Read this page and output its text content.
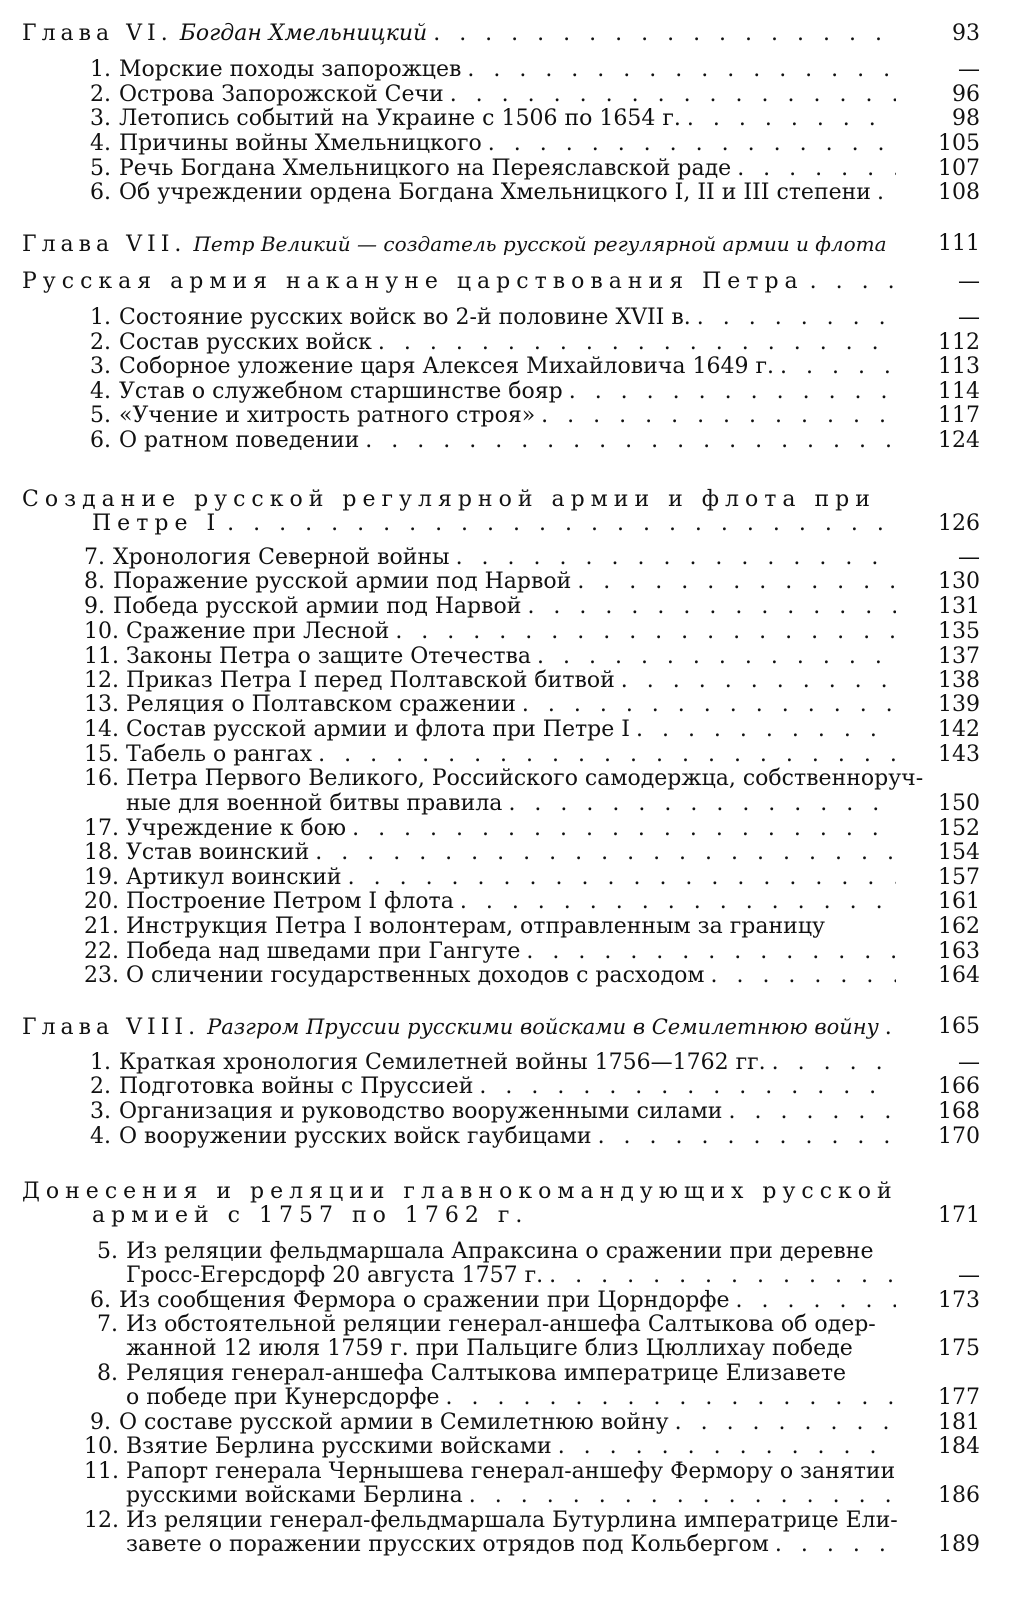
Глава VI.
Богдан Хмельницкий . . .	93
1. Морские походы запорожцев . . .	—
2. Острова Запорожской Сечи . . .	96
3. Летопись событий на Украине с 1506 по 1654 г. . . .	98
4. Причины войны Хмельницкого . . .	105
5. Речь Богдана Хмельницкого на Переяславской раде . . .	107
6. Об учреждении ордена Богдана Хмельницкого I, II и III степени . . .	108
Глава VII.
Петр Великий — создатель русской регулярной армии и флота 111
Русская армия накануне царствования Петра . . .	—
1. Состояние русских войск во 2-й половине XVII в. . . .	—
2. Состав русских войск . . .	112
3. Соборное уложение царя Алексея Михайловича 1649 г. . . .	113
4. Устав о служебном старшинстве бояр . . .	114
5. «Учение и хитрость ратного строя» . . .	117
6. О ратном поведении . . .	124
Создание русской регулярной армии и флота при
Петре I . . .	126
7. Хронология Северной войны . . .	—
8. Поражение русской армии под Нарвой . . .	130
9. Победа русской армии под Нарвой . . .	131
10. Сражение при Лесной . . .	135
11. Законы Петра о защите Отечества . . .	137
12. Приказ Петра I перед Полтавской битвой . . .	138
13. Реляция о Полтавском сражении . . .	139
14. Состав русской армии и флота при Петре I . . .	142
15. Табель о рангах . . .	143
16. Петра Первого Великого, Российского самодержца, собственноруч-
ные для военной битвы правила . . .	150
17. Учреждение к бою . . .	152
18. Устав воинский . . .	154
19. Артикул воинский . . .	157
20. Построение Петром I флота . . .	161
21. Инструкция Петра I волонтерам, отправленным за границу	162
22. Победа над шведами при Гангуте . . .	163
23. О сличении государственных доходов с расходом . . .	164
Глава VIII.
Разгром Пруссии русскими войсками в Семилетнюю войну . . .	165
1. Краткая хронология Семилетней войны 1756—1762 гг. . . .	—
2. Подготовка войны с Пруссией . . .	166
3. Организация и руководство вооруженными силами . . .	168
4. О вооружении русских войск гаубицами . . .	170
Донесения и реляции главнокомандующих русской
армией с 1757 по 1762 г.	171
5. Из реляции фельдмаршала Апраксина о сражении при деревне
Гросс-Егерсдорф 20 августа 1757 г. . . .	—
6. Из сообщения Фермора о сражении при Цорндорфе . . .	173
7. Из обстоятельной реляции генерал-аншефа Салтыкова об одер-
жанной 12 июля 1759 г. при Пальциге близ Цюллихау победе	175
8. Реляция генерал-аншефа Салтыкова императрице Елизавете
о победе при Кунерсдорфе . . .	177
9. О составе русской армии в Семилетнюю войну . . .	181
10. Взятие Берлина русскими войсками . . .	184
11. Рапорт генерала Чернышева генерал-аншефу Фермору о занятии
русскими войсками Берлина . . .	186
12. Из реляции генерал-фельдмаршала Бутурлина императрице Ели-
завете о поражении прусских отрядов под Кольбергом . . .	189
